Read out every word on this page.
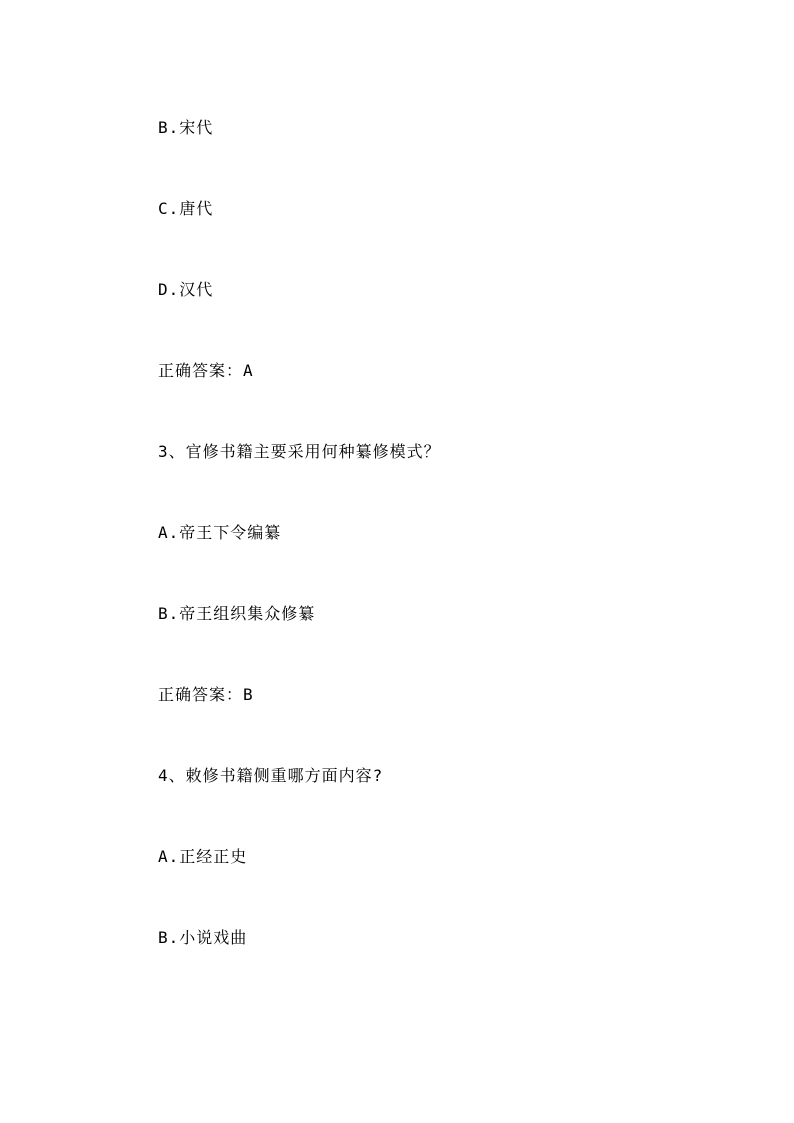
B.宋代
C.唐代
D.汉代
正确答案：A
3、官修书籍主要采用何种纂修模式？
A.帝王下令编纂
B.帝王组织集众修纂
正确答案：B
4、敕修书籍侧重哪方面内容?
A.正经正史
B.小说戏曲
